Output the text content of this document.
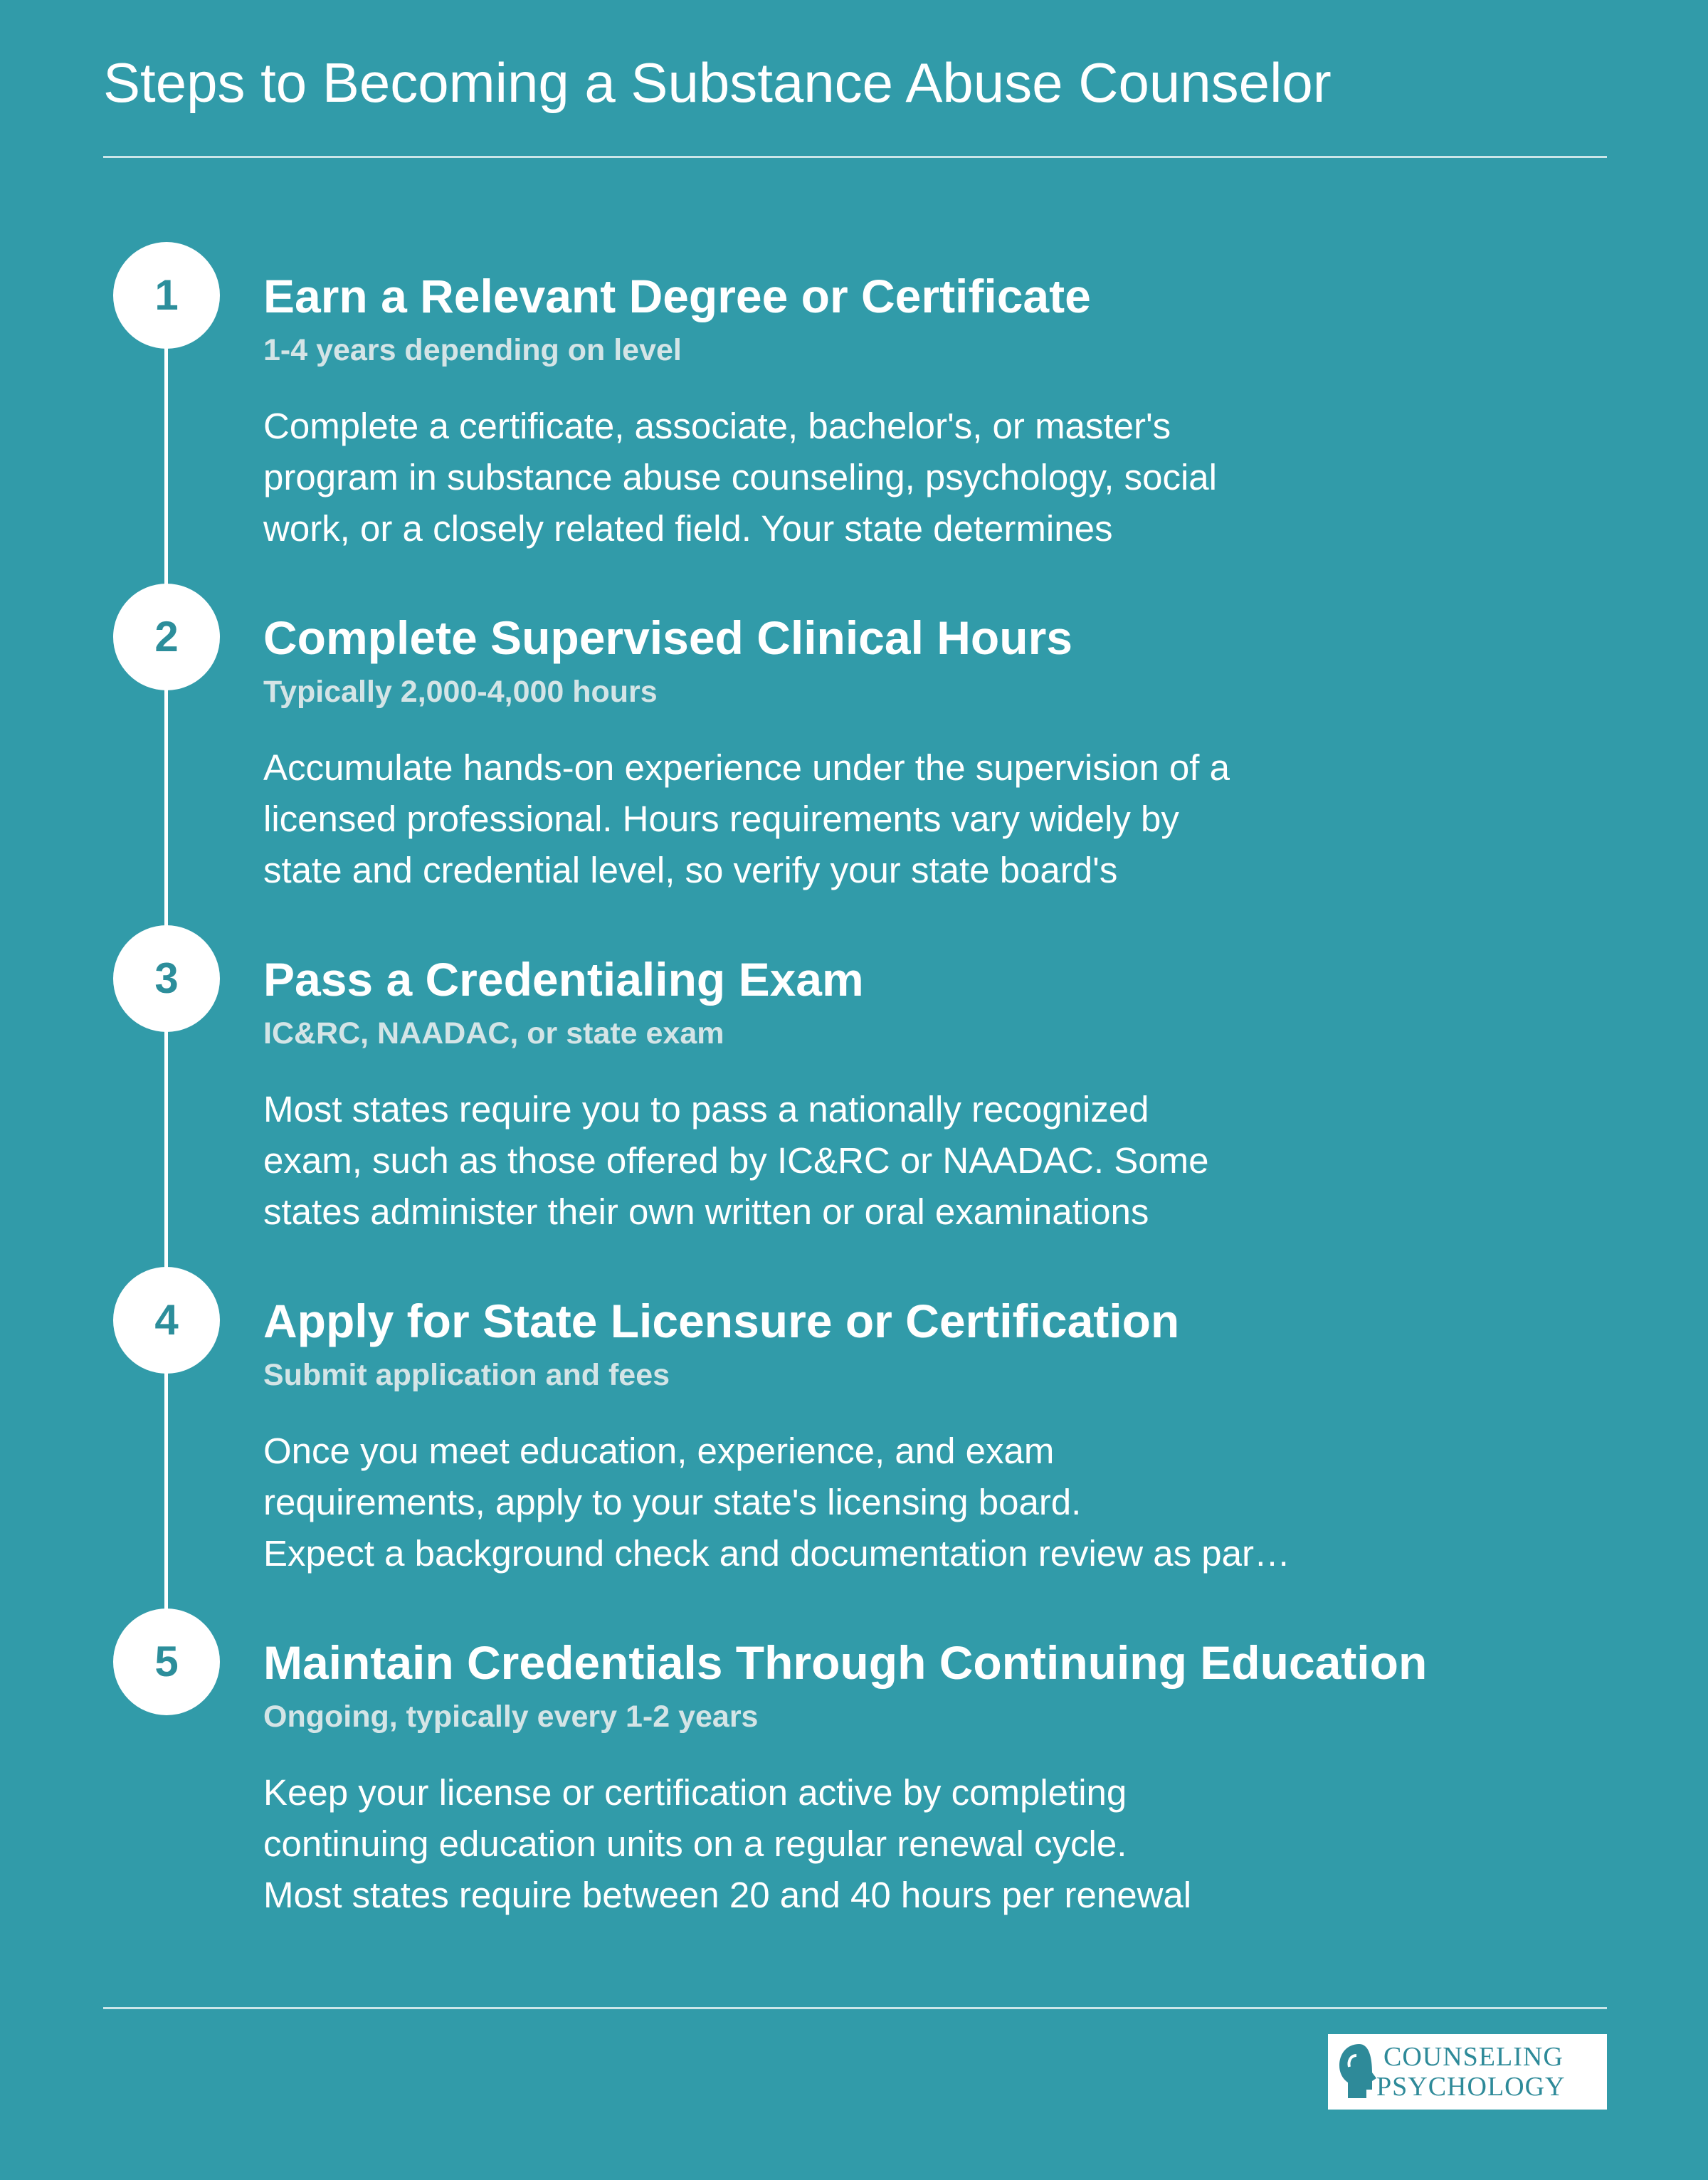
Steps to Becoming a Substance Abuse Counselor
1	Earn a Relevant Degree or Certificate
1-4 years depending on level

Complete a certificate, associate, bachelor's, or master's
program in substance abuse counseling, psychology, social
work, or a closely related field. Your state determines

2	Complete Supervised Clinical Hours
Typically 2,000-4,000 hours

Accumulate hands-on experience under the supervision of a
licensed professional. Hours requirements vary widely by
state and credential level, so verify your state board's

3	Pass a Credentialing Exam
IC&RC, NAADAC, or state exam

Most states require you to pass a nationally recognized
exam, such as those offered by IC&RC or NAADAC. Some
states administer their own written or oral examinations

4	Apply for State Licensure or Certification
Submit application and fees

Once you meet education, experience, and exam
requirements, apply to your state's licensing board.
Expect a background check and documentation review as par…

5	Maintain Credentials Through Continuing Education
Ongoing, typically every 1-2 years

Keep your license or certification active by completing
continuing education units on a regular renewal cycle.
Most states require between 20 and 40 hours per renewal

COUNSELING
PSYCHOLOGY
